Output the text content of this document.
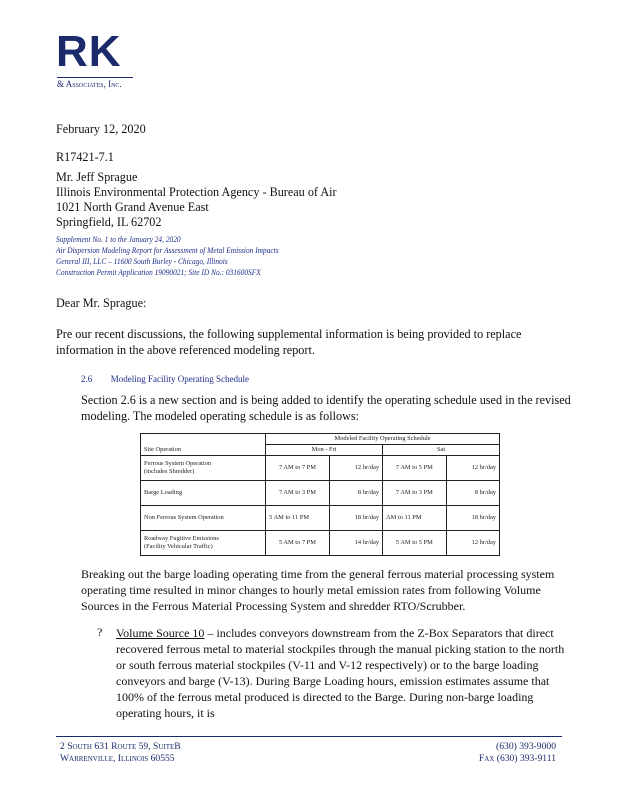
RK
& Associates, Inc.
February 12, 2020
R17421-7.1
Mr. Jeff Sprague
Illinois Environmental Protection Agency - Bureau of Air
1021 North Grand Avenue East
Springfield, IL 62702
Supplement No. 1 to the January 24, 2020
Air Dispersion Modeling Report for Assessment of Metal Emission Impacts
General III, LLC – 11600 South Burley - Chicago, Illinois
Construction Permit Application 19090021; Site ID No.: 031600SFX
Dear Mr. Sprague:
Pre our recent discussions, the following supplemental information is being provided to replace information in the above referenced modeling report.
2.6 Modeling Facility Operating Schedule
Section 2.6 is a new section and is being added to identify the operating schedule used in the revised modeling. The modeled operating schedule is as follows:
	Modeled Facility Operating Schedule			
Site Operation	Mon - Fri		Sat	

Ferrous System Operation
(includes Shredder)	7 AM to 7 PM	12 hr/day	7 AM to 5 PM	12 hr/day

Barge Loading	7 AM to 3 PM	8 hr/day	7 AM to 3 PM	8 hr/day

Non Ferrous System Operation	5 AM to 11 PM	18 hr/day	AM to 11 PM	18 hr/day

Roadway Fugitive Emissions
(Facility Vehicular Traffic)	5 AM to 7 PM	14 hr/day	5 AM to 5 PM	12 hr/day
Breaking out the barge loading operating time from the general ferrous material processing system operating time resulted in minor changes to hourly metal emission rates from following Volume Sources in the Ferrous Material Processing System and shredder RTO/Scrubber.
? Volume Source 10 – includes conveyors downstream from the Z-Box Separators that direct recovered ferrous metal to material stockpiles through the manual picking station to the north or south ferrous material stockpiles (V-11 and V-12 respectively) or to the barge loading conveyors and barge (V-13). During Barge Loading hours, emission estimates assume that 100% of the ferrous metal produced is directed to the Barge. During non-barge loading operating hours, it is
2 South 631 Route 59, SuiteB
Warrenville, Illinois 60555
(630) 393-9000
Fax (630) 393-9111
